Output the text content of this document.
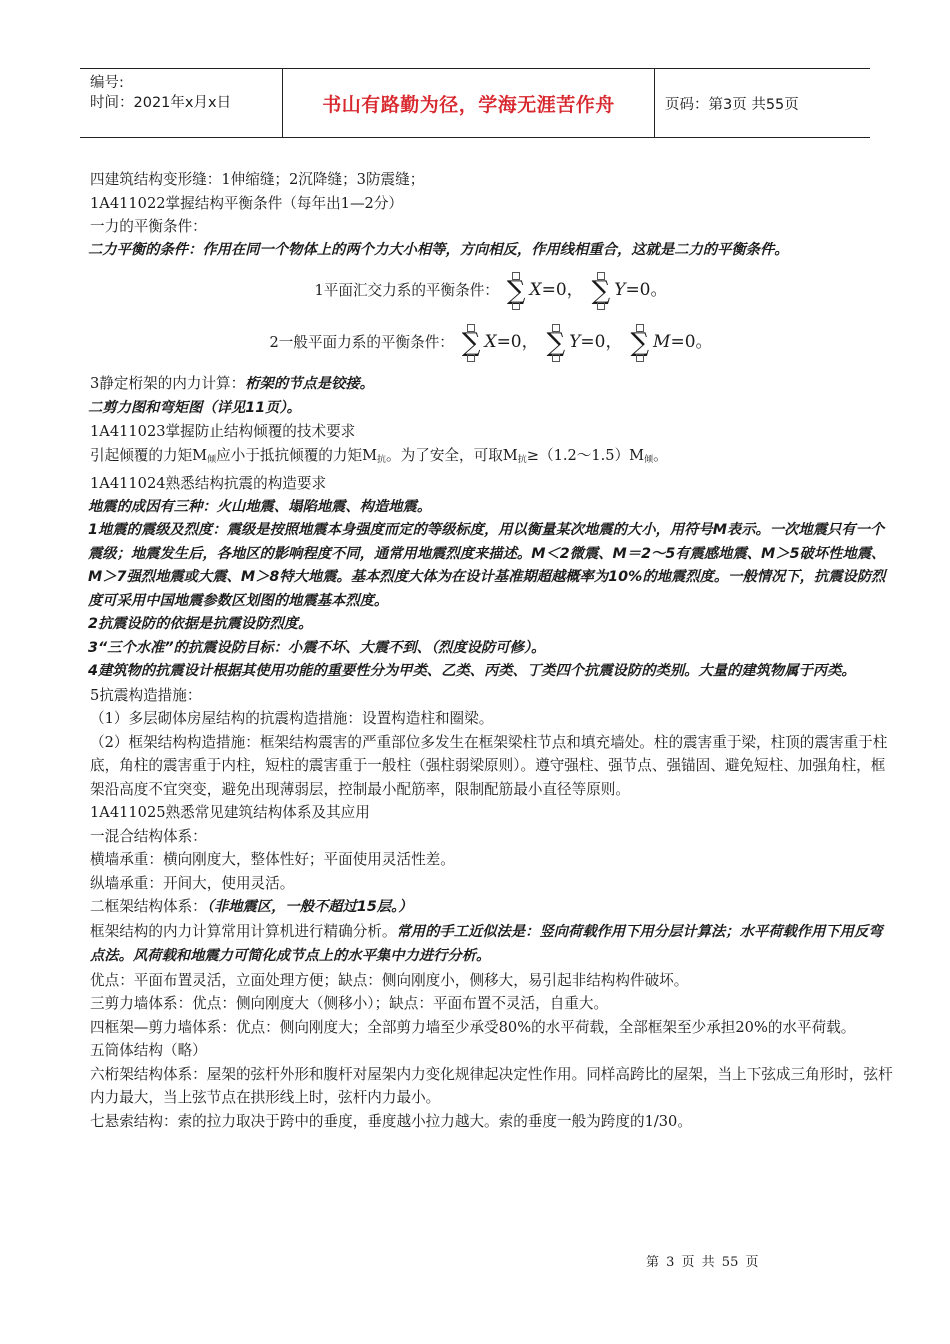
编号:
时间：2021年x月x日	书山有路勤为径，学海无涯苦作舟	页码：第3页 共55页

四建筑结构变形缝：1伸缩缝；2沉降缝；3防震缝；

1A411022掌握结构平衡条件（每年出1—2分）

一力的平衡条件：

二力平衡的条件：作用在同一个物体上的两个力大小相等，方向相反，作用线相重合，这就是二力的平衡条件。

1平面汇交力系的平衡条件： ∑ X =0， ∑ Y =0。
2一般平面力系的平衡条件： ∑ X =0， ∑ Y =0， ∑ M =0。

3静定桁架的内力计算：桁架的节点是铰接。

二剪力图和弯矩图（详见11页）。

1A411023掌握防止结构倾覆的技术要求

引起倾覆的力矩$M_倾$应小于抵抗倾覆的力矩$M_抗$。为了安全，可取$M_抗\ge(1.2\sim 1.5)M_倾$。

1A411024熟悉结构抗震的构造要求

地震的成因有三种：火山地震、塌陷地震、构造地震。

1地震的震级及烈度：震级是按照地震本身强度而定的等级标度，用以衡量某次地震的大小，用符号M表示。一次地震只有一个震级；地震发生后，各地区的影响程度不同，通常用地震烈度来描述。M＜2微震、M＝2～5有震感地震、M＞5破坏性地震、M＞7强烈地震或大震、M＞8特大地震。基本烈度大体为在设计基准期超越概率为10%的地震烈度。一般情况下，抗震设防烈度可采用中国地震参数区划图的地震基本烈度。

2抗震设防的依据是抗震设防烈度。

3“三个水准”的抗震设防目标：小震不坏、大震不到、（烈度设防可修）。

4建筑物的抗震设计根据其使用功能的重要性分为甲类、乙类、丙类、丁类四个抗震设防的类别。大量的建筑物属于丙类。

5抗震构造措施：

（1）多层砌体房屋结构的抗震构造措施：设置构造柱和圈梁。

（2）框架结构构造措施：框架结构震害的严重部位多发生在框架梁柱节点和填充墙处。柱的震害重于梁，柱顶的震害重于柱底，角柱的震害重于内柱，短柱的震害重于一般柱（强柱弱梁原则）。遵守强柱、强节点、强锚固、避免短柱、加强角柱，框架沿高度不宜突变，避免出现薄弱层，控制最小配筋率，限制配筋最小直径等原则。

1A411025熟悉常见建筑结构体系及其应用

一混合结构体系：

横墙承重：横向刚度大，整体性好；平面使用灵活性差。

纵墙承重：开间大，使用灵活。

二框架结构体系：（非地震区，一般不超过15层。）

框架结构的内力计算常用计算机进行精确分析。常用的手工近似法是：竖向荷载作用下用分层计算法；水平荷载作用下用反弯点法。风荷载和地震力可简化成节点上的水平集中力进行分析。

优点：平面布置灵活，立面处理方便；缺点：侧向刚度小，侧移大，易引起非结构构件破坏。

三剪力墙体系：优点：侧向刚度大（侧移小）；缺点：平面布置不灵活，自重大。

四框架—剪力墙体系：优点：侧向刚度大；全部剪力墙至少承受80%的水平荷载，全部框架至少承担20%的水平荷载。

五筒体结构（略）

六桁架结构体系：屋架的弦杆外形和腹杆对屋架内力变化规律起决定性作用。同样高跨比的屋架，当上下弦成三角形时，弦杆内力最大，当上弦节点在拱形线上时，弦杆内力最小。

七悬索结构：索的拉力取决于跨中的垂度，垂度越小拉力越大。索的垂度一般为跨度的1/30。

第 3 页 共 55 页
